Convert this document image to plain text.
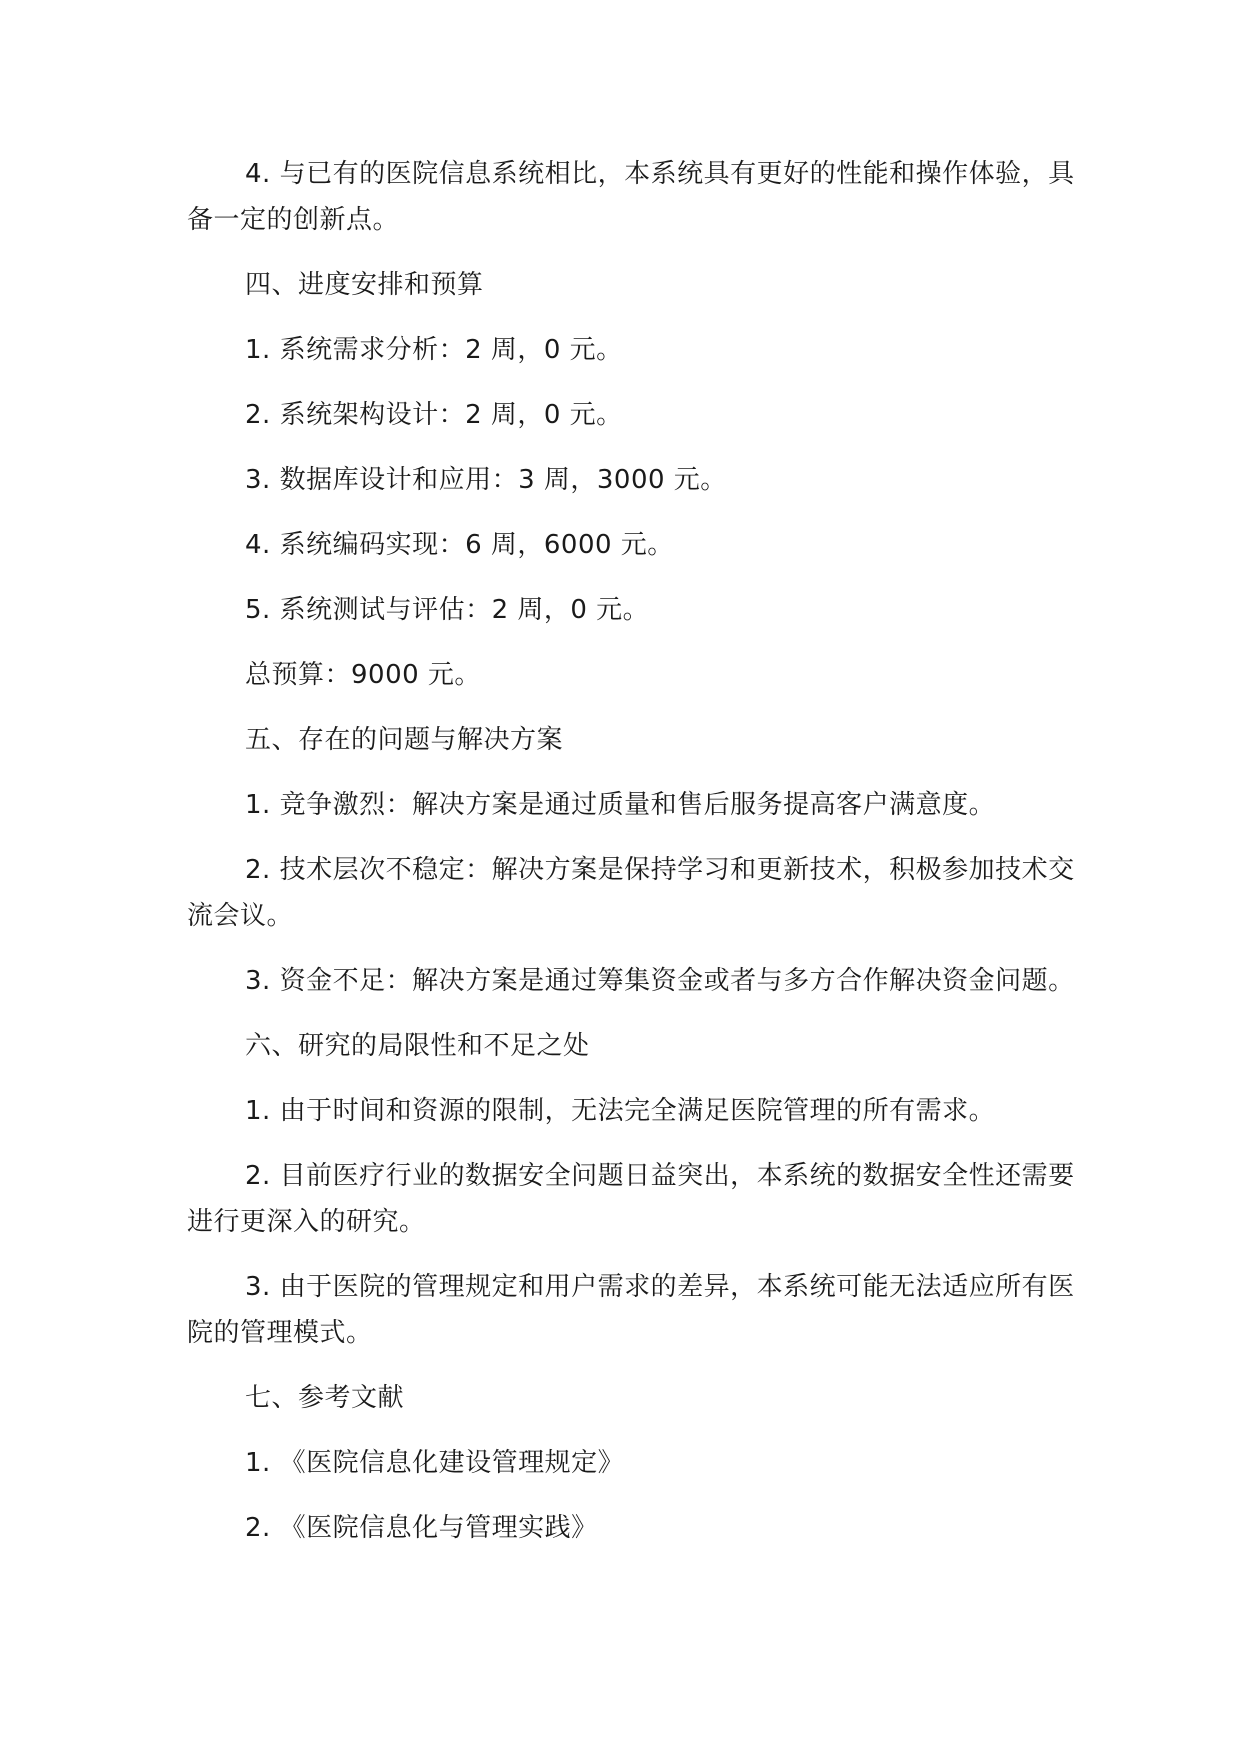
4. 与已有的医院信息系统相比，本系统具有更好的性能和操作体验，具备一定的创新点。

四、进度安排和预算

1. 系统需求分析：2 周，0 元。

2. 系统架构设计：2 周，0 元。

3. 数据库设计和应用：3 周，3000 元。

4. 系统编码实现：6 周，6000 元。

5. 系统测试与评估：2 周，0 元。

总预算：9000 元。

五、存在的问题与解决方案

1. 竞争激烈：解决方案是通过质量和售后服务提高客户满意度。

2. 技术层次不稳定：解决方案是保持学习和更新技术，积极参加技术交流会议。

3. 资金不足：解决方案是通过筹集资金或者与多方合作解决资金问题。

六、研究的局限性和不足之处

1. 由于时间和资源的限制，无法完全满足医院管理的所有需求。

2. 目前医疗行业的数据安全问题日益突出，本系统的数据安全性还需要进行更深入的研究。

3. 由于医院的管理规定和用户需求的差异，本系统可能无法适应所有医院的管理模式。

七、参考文献

1. 《医院信息化建设管理规定》

2. 《医院信息化与管理实践》
